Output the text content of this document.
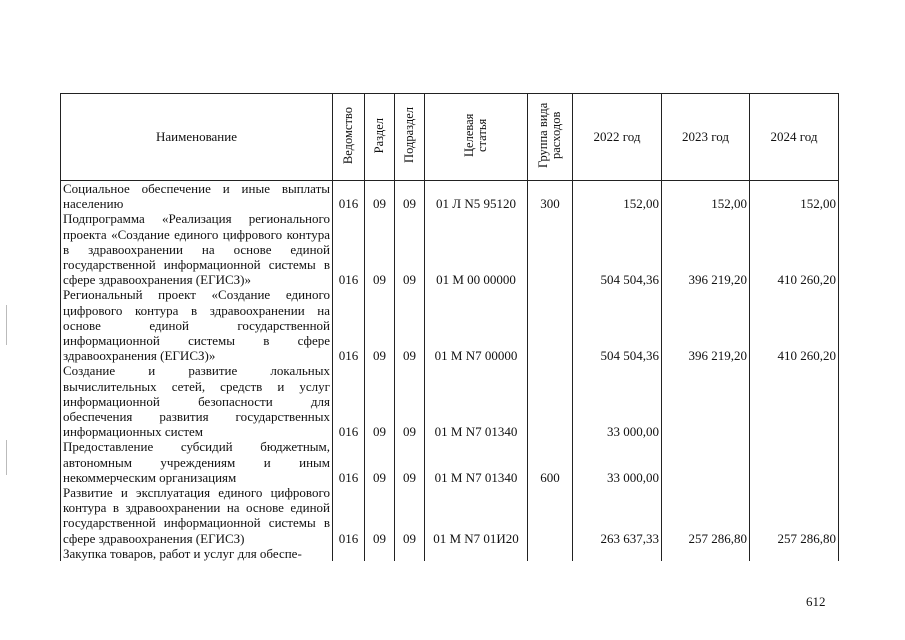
Наименование	Ведомство	Раздел	Подраздел	Целевая статья	Группа вида расходов	2022 год	2023 год	2024 год
Социальное обеспечение и иные выплаты населению	016	09	09	01 Л N5 95120	300	152,00	152,00	152,00
Подпрограмма «Реализация регионального проекта «Создание единого цифрового контура в здравоохранении на основе единой государственной информационной системы в сфере здравоохранения (ЕГИСЗ)»	016	09	09	01 М 00 00000		504 504,36	396 219,20	410 260,20
Региональный проект «Создание единого цифрового контура в здравоохранении на основе единой государственной информационной системы в сфере здравоохранения (ЕГИСЗ)»	016	09	09	01 М N7 00000		504 504,36	396 219,20	410 260,20
Создание и развитие локальных вычислительных сетей, средств и услуг информационной безопасности для обеспечения развития государственных информационных систем	016	09	09	01 М N7 01340		33 000,00		
Предоставление субсидий бюджетным, автономным учреждениям и иным некоммерческим организациям	016	09	09	01 М N7 01340	600	33 000,00		
Развитие и эксплуатация единого цифрового контура в здравоохранении на основе единой государственной информационной системы в сфере здравоохранения (ЕГИСЗ)	016	09	09	01 М N7 01И20		263 637,33	257 286,80	257 286,80
Закупка товаров, работ и услуг для обеспе-								
612
